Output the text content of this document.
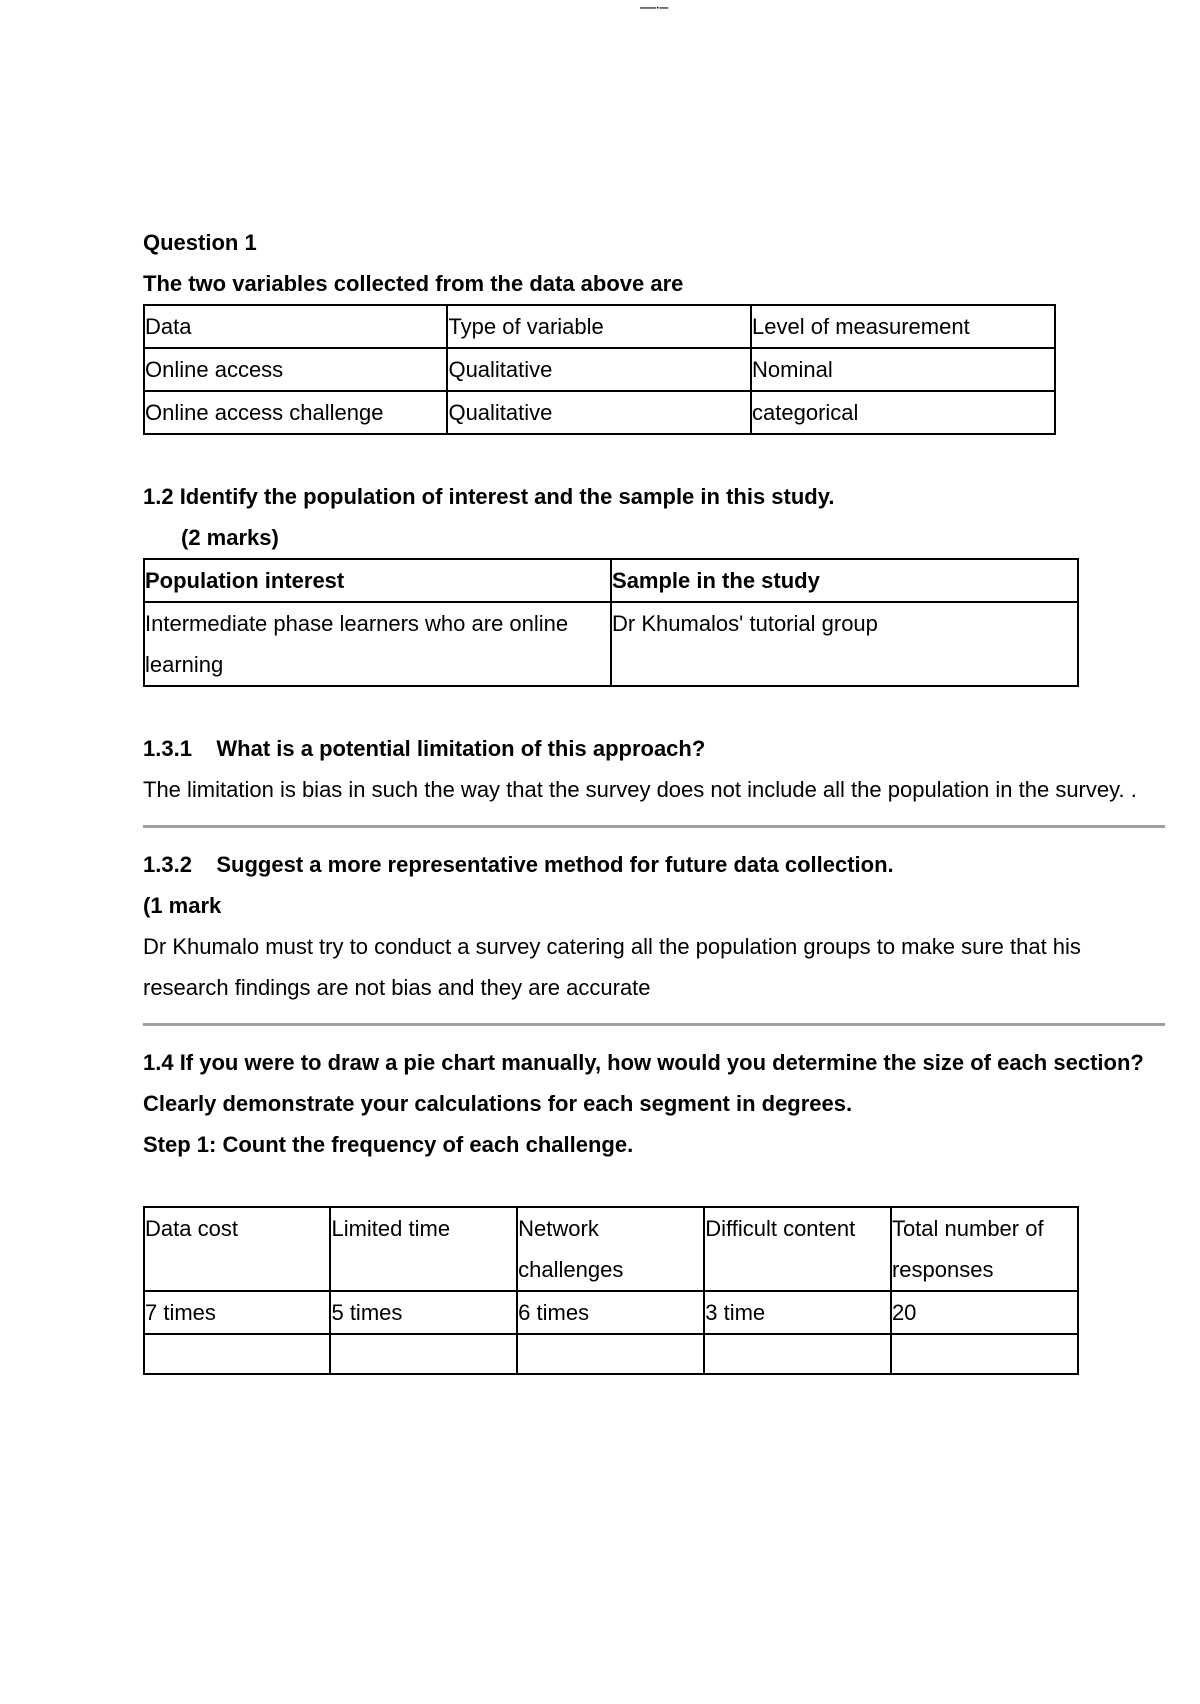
—·–

Question 1

The two variables collected from the data above are

Data	Type of variable	Level of measurement
Online access	Qualitative	Nominal
Online access challenge	Qualitative	categorical

1.2 Identify the population of interest and the sample in this study.

(2 marks)

Population interest	Sample in the study
Intermediate phase learners who are online learning	Dr Khumalos' tutorial group

1.3.1    What is a potential limitation of this approach?

The limitation is bias in such the way that the survey does not include all the population in the survey. .

1.3.2    Suggest a more representative method for future data collection.

(1 mark

Dr Khumalo must try to conduct a survey catering all the population groups to make sure that his research findings are not bias and they are accurate

1.4 If you were to draw a pie chart manually, how would you determine the size of each section? Clearly demonstrate your calculations for each segment in degrees.

Step 1: Count the frequency of each challenge.

Data cost	Limited time	Network challenges	Difficult content	Total number of responses
7 times	5 times	6 times	3 time	20
